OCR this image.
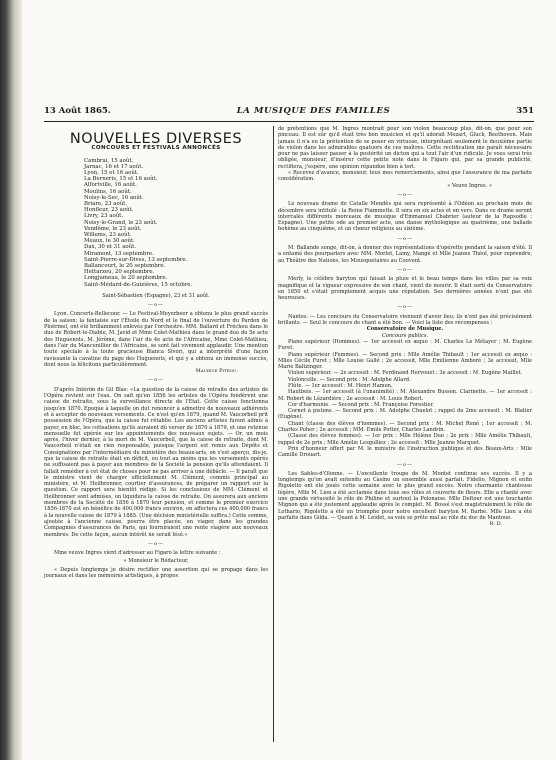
13 Août 1865.	LA MUSIQUE DES FAMILLES	351
NOUVELLES DIVERSES
CONCOURS ET FESTIVALS ANNONCÉS
Cambrai, 15 août.
Jarnac, 16 et 17 août.
Lyon, 15 et 16 août.
La Berneris, 15 et 16 août.
Alfortville, 16 août.
Moulins, 16 août.
Noisy-le-Sec, 16 août.
Briare, 23 août.
Honfleur, 23 août.
Livry, 23 août.
Noisy-le-Grand, le 23 août.
Vendôme, le 23 août.
Willems, 23 août.
Meaux, le 30 août.
Dax, 30 et 31 août.
Miramont, 13 septembre.
Saint-Pierre-sur-Dives, 13 septembre.
Ballancourt, le 20 septembre.
Hettarzeu, 20 septembre.
Longjumeau, le 20 septembre.
Saint-Médard-de-Guizières, 15 octobre.
Saint-Sébastien (Espagne), 23 et 31 août.
—o—

Lyon. Concerts-Bellecour. — Le Festival-Meyerbeer a obtenu le plus grand succès de la saison; la fantaisie sur l'Étoile du Nord et le final de l'ouverture du Pardon de Ploërmel, ont été brillamment enlevés par l'orchestre. MM. Ballard et Fréchou dans le duo de Robert-le-Diable, M. Javid et Mme Colet-Mathieu dans le grand duo du 5e acte des Huguenots, M. Jérôme, dans l'air du 4e acte de l'Africaine, Mme Colet-Mathieu, dans l'air du Mancenillier de l'Africaine, se sont fait vivement applaudir. Une mention toute spéciale à la toute gracieuse Bianca Sivori, qui a interprété d'une façon ravissante la cavatine du page des Huguenots, et qui y a obtenu un immense succès, dont nous la félicitons particulièrement.

Maurice Pitrou.
—o—

D'après Intérim du Gil Blas: «La question de la caisse de retraite des artistes de l'Opéra revient sur l'eau. On sait qu'en 1856 les artistes de l'Opéra fondèrent une caisse de retraite, sous la surveillance directe de l'État. Cette caisse fonctionna jusqu'en 1870. Époque à laquelle on dut renoncer à admettre de nouveaux adhérents et à accepter de nouveaux versements. Ce n'est qu'en 1879, quand M. Vaucorbeil prit possession de l'Opéra, que la caisse fut rétablie. Les anciens artistes furent admis à payer, en bloc, les cotisations qu'ils auraient dû verser de 1870 à 1879, et une retenue mensuelle fut opérée sur les appointements des nouveaux sujets. — Or, un mois après, l'hiver dernier, à la mort de M. Vaucorbeil, que la caisse de retraite, dont M. Vaucorbeil n'était en rien responsable, puisque l'argent est remis aux Dépôts et Consignations par l'intermédiaire du ministère des beaux-arts, on s'est aperçu, dis-je, que la caisse de retraite était en déficit, ou tout au moins que les versements opérés ne suffisaient pas à payer aux membres de la Société la pension qu'ils attendaient. Il fallait remédier à cet état de choses pour ne pas arriver à une débâcle. — Il paraît que le ministre vient de charger officiellement M. Clément, commis principal au ministère, et M. Heilbronner, courtier d'assurances, de préparer un rapport sur la question. Ce rapport sera bientôt rédigé. Si les conclusions de MM. Clément et Heilbronner sont admises, on liquidera la caisse de retraite. On assurera aux anciens membres de la Société de 1856 à 1870 leur pension, et comme le premier exercice 1856-1870 est en bénéfice de 400,000 francs environ, on affectera ces 400,000 francs à la nouvelle caisse de 1879 à 1885. (Une décision ministérielle suffira.) Cette somme, ajoutée à l'ancienne caisse, pourra être placée, en viager, dans les grandes Compagnies d'assurances de Paris, qui fourniraient une rente viagère aux nouveaux membres. De cette façon, aucun intérêt ne serait lésé.»

—o—

Mme veuve Ingres vient d'adresser au Figaro la lettre suivante :

« Monsieur le Rédacteur,

« Depuis longtemps je désire rectifier une assertion qui se propage dans les journaux et dans les mémoires artistiques, à propos

de prétentions que M. Ingres montrait pour son violon beaucoup plus, dit-on, que pour son pinceau. Il est sûr qu'il était très bon musicien et qu'il adorait Mozart, Gluck, Beethoven. Mais jamais il n'a eu la prétention de se poser en virtuose, interprétant seulement le deuxième partie de violon dans les admirables quatuors de ces maîtres. Cette rectification me paraît nécessaire pour ne pas laisser passer à la postérité un dicton qui a tout l'air d'un ridicule. Je vous serai très obligée, monsieur, d'insérer cette petite note dans le Figaro qui, par sa grande publicité, rectifiera, j'espère, une opinion répandue bien à tort.

« Recevez d'avance, monsieur, tous mes remerciements, ainsi que l'assurance de ma parfaite considération.

» Veuve Ingres. »
—o—

Le nouveau drame de Catulle Mendès qui sera représenté à l'Odéon au prochain mois de décembre sera intitulé : la Reine Fiammette. Il sera en six actes et en vers. Dans ce drame seront intercalés différents morceaux de musique d'Emmanuel Chabrier (auteur de la Rapsodie : Espagne). Une petite ode au premier acte, une danse mythologique au quatrième, une ballade bohème au cinquième, et un chœur religieux au sixième.

—o—

M. Ballande songe, dit-on, à donner des représentations d'opérette pendant la saison d'été. Il a entamé des pourparlers avec MM. Morlet, Lamy, Mangé et Mlle Jeanne Théol, pour reprendre, au Théâtre des Nations, les Mousquetaires au Couvent.

—o—

Merly, le célèbre baryton qui faisait la pluie et le beau temps dans les villes par sa voix magnifique et la vigueur expressive de son chant, vient de mourir. Il était sorti du Conservatoire en 1850 et s'était promptement acquis une réputation. Ses dernières années n'ont pas été heureuses.

—o—

Nantes. — Les concours du Conservatoire viennent d'avoir lieu; ils n'ont pas été précisément brillants. — Seul le concours de chant a été bon. — Voici la liste des récompenses :

Conservatoire de Musique.
Concours publics.

Piano supérieur (Hommes). — 1er accessit ex æquo : M. Charles Le Métayer ; M. Eugène Furet.

Piano supérieur (Femmes). — Second prix : Mlle Amélie Thibault ; 1er accessit ex æquo : Mlles Cécile Furet ; Mlle Louise Gallé ; 2e accessit, Mlle Emilienne Amboré ; 3e accessit, Mlle Marie Baltzinger.

Violon supérieur. — 2e accessit : M. Ferdinand Hervouet ; 3e accessit : M. Eugène Maillet.

Violoncelle. — Second prix : M. Adolphe Allard.

Flûte. — 1er accessit : M. Henri Hamon.

Hautbois. — 1er accessit (à l'unanimité) : M. Alexandre Busson. Clarinette. — 1er accessit : M. Robert de Lézardière ; 2e accessit : M. Louis Robert.

Cor d'harmonie. — Second prix : M. Françoise Forestier.

Cornet à pistons. — Second prix : M. Adolphe Chuelot ; rappel du 2me accessit : M. Blatier (Eugène).

Chant (classe des élèves d'hommes). — Second prix : M. Michel René ; 1er accessit : M. Charles Poher ; 2e accessit : MM. Emile Potter, Charles Landrin.

(Classe des élèves femmes). — 1er prix : Mlle Hélène Duo ; 2e prix : Mlle Amélie Thibault, rappel de 2e prix ; Mlle Amélie Lesgulliez ; 2e accessit : Mlle Jeanne Marquet.

Prix d'honneur offert par M. le ministre de l'instruction publique et des Beaux-Arts : Mlle Camille Drouart.

—o—

Les Sables-d'Olonne. — L'excellente troupe de M. Montet continue ses succès. Il y a longtemps qu'on avait entendu au Casino un ensemble aussi parfait. Fidelio, Mignon et enfin Rigoletto ont été joués cette semaine avec le plus grand succès. Notre charmante chanteuse légère, Mlle M. Lion a été acclamée dans tous ses rôles et couverte de fleurs. Elle a chanté avec une grande virtuosité le rôle de Philine et surtout la Polonaise. Mlle Deltour est une touchante Mignon qui a été justement applaudie après le complet. M. Bossé s'est magistralement le rôle de Lothario, Rigoletto a été un triomphe pour notre excellent baryton M. Barbe. Mlle Lion a été parfaite dans Gilda. — Quant à M. Leidet, sa voix se prête mal au rôle du duc de Mantoue.

R. D.
